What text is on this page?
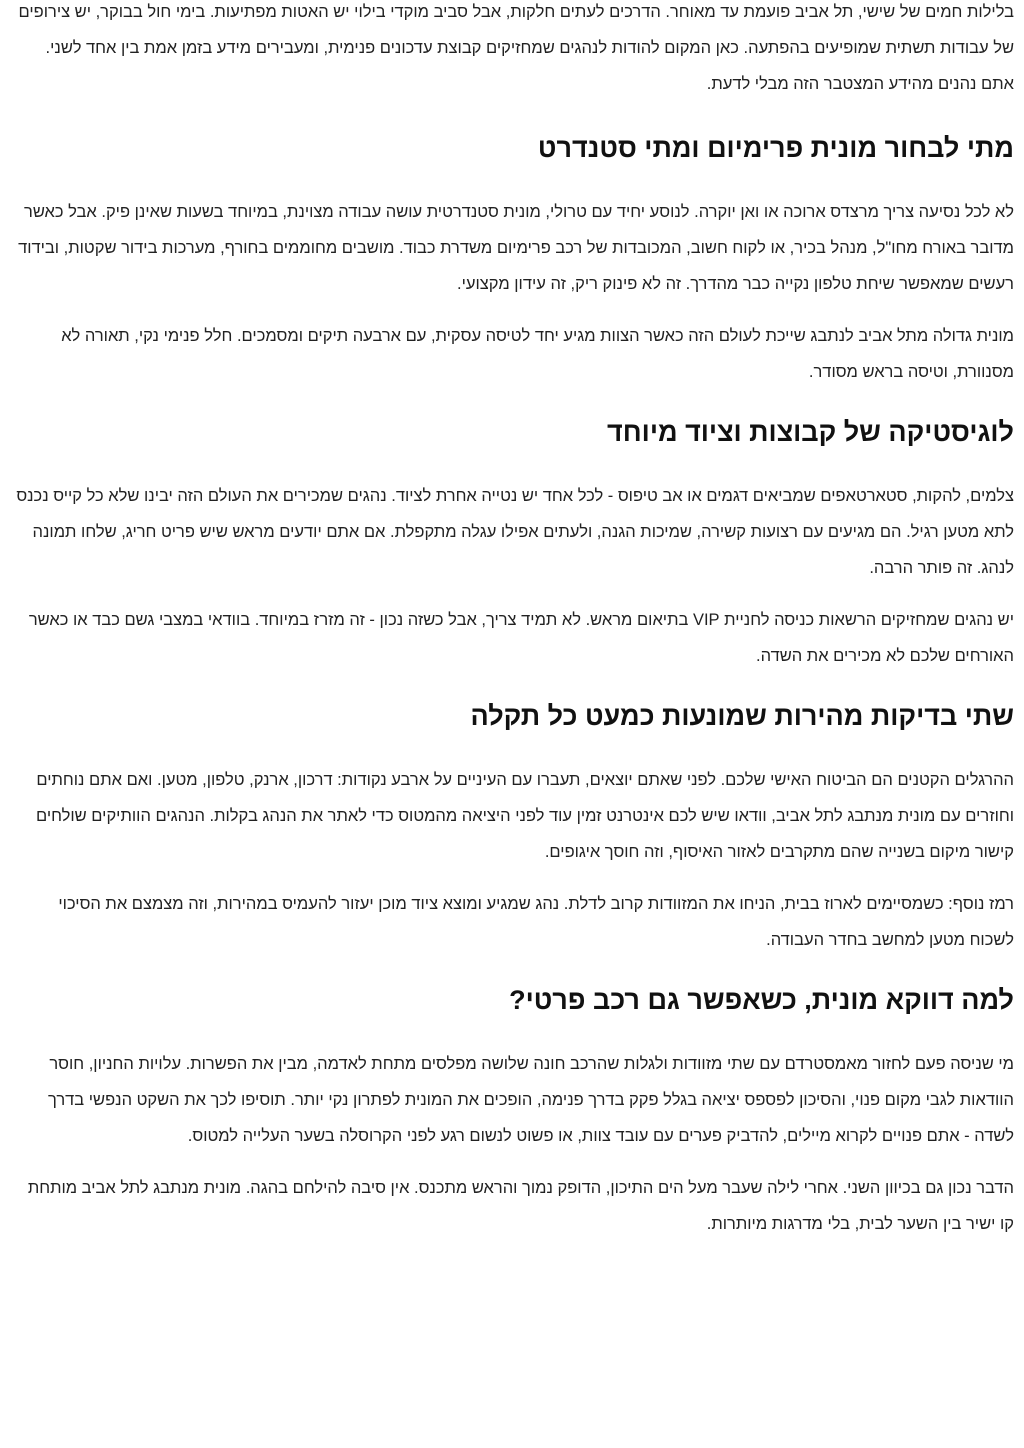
בלילות חמים של שישי, תל אביב פועמת עד מאוחר. הדרכים לעתים חלקות, אבל סביב מוקדי בילוי יש האטות מפתיעות. בימי חול בבוקר, יש צירופים של עבודות תשתית שמופיעים בהפתעה. כאן המקום להודות לנהגים שמחזיקים קבוצת עדכונים פנימית, ומעבירים מידע בזמן אמת בין אחד לשני. אתם נהנים מהידע המצטבר הזה מבלי לדעת.

מתי לבחור מונית פרימיום ומתי סטנדרט

לא לכל נסיעה צריך מרצדס ארוכה או ואן יוקרה. לנוסע יחיד עם טרולי, מונית סטנדרטית עושה עבודה מצוינת, במיוחד בשעות שאינן פיק. אבל כאשר מדובר באורח מחו"ל, מנהל בכיר, או לקוח חשוב, המכובדות של רכב פרימיום משדרת כבוד. מושבים מחוממים בחורף, מערכות בידור שקטות, ובידוד רעשים שמאפשר שיחת טלפון נקייה כבר מהדרך. זה לא פינוק ריק, זה עידון מקצועי.

מונית גדולה מתל אביב לנתבג שייכת לעולם הזה כאשר הצוות מגיע יחד לטיסה עסקית, עם ארבעה תיקים ומסמכים. חלל פנימי נקי, תאורה לא מסנוורת, וטיסה בראש מסודר.

לוגיסטיקה של קבוצות וציוד מיוחד

צלמים, להקות, סטארטאפים שמביאים דגמים או אב טיפוס - לכל אחד יש נטייה אחרת לציוד. נהגים שמכירים את העולם הזה יבינו שלא כל קייס נכנס לתא מטען רגיל. הם מגיעים עם רצועות קשירה, שמיכות הגנה, ולעתים אפילו עגלה מתקפלת. אם אתם יודעים מראש שיש פריט חריג, שלחו תמונה לנהג. זה פותר הרבה.

יש נהגים שמחזיקים הרשאות כניסה לחניית VIP בתיאום מראש. לא תמיד צריך, אבל כשזה נכון - זה מזרז במיוחד. בוודאי במצבי גשם כבד או כאשר האורחים שלכם לא מכירים את השדה.

שתי בדיקות מהירות שמונעות כמעט כל תקלה

ההרגלים הקטנים הם הביטוח האישי שלכם. לפני שאתם יוצאים, תעברו עם העיניים על ארבע נקודות: דרכון, ארנק, טלפון, מטען. ואם אתם נוחתים וחוזרים עם מונית מנתבג לתל אביב, וודאו שיש לכם אינטרנט זמין עוד לפני היציאה מהמטוס כדי לאתר את הנהג בקלות. הנהגים הוותיקים שולחים קישור מיקום בשנייה שהם מתקרבים לאזור האיסוף, וזה חוסך איגופים.

רמז נוסף: כשמסיימים לארוז בבית, הניחו את המזוודות קרוב לדלת. נהג שמגיע ומוצא ציוד מוכן יעזור להעמיס במהירות, וזה מצמצם את הסיכוי לשכוח מטען למחשב בחדר העבודה.

למה דווקא מונית, כשאפשר גם רכב פרטי?

מי שניסה פעם לחזור מאמסטרדם עם שתי מזוודות ולגלות שהרכב חונה שלושה מפלסים מתחת לאדמה, מבין את הפשרות. עלויות החניון, חוסר הוודאות לגבי מקום פנוי, והסיכון לפספס יציאה בגלל פקק בדרך פנימה, הופכים את המונית לפתרון נקי יותר. תוסיפו לכך את השקט הנפשי בדרך לשדה - אתם פנויים לקרוא מיילים, להדביק פערים עם עובד צוות, או פשוט לנשום רגע לפני הקרוסלה בשער העלייה למטוס.

הדבר נכון גם בכיוון השני. אחרי לילה שעבר מעל הים התיכון, הדופק נמוך והראש מתכנס. אין סיבה להילחם בהגה. מונית מנתבג לתל אביב מותחת קו ישיר בין השער לבית, בלי מדרגות מיותרות.
